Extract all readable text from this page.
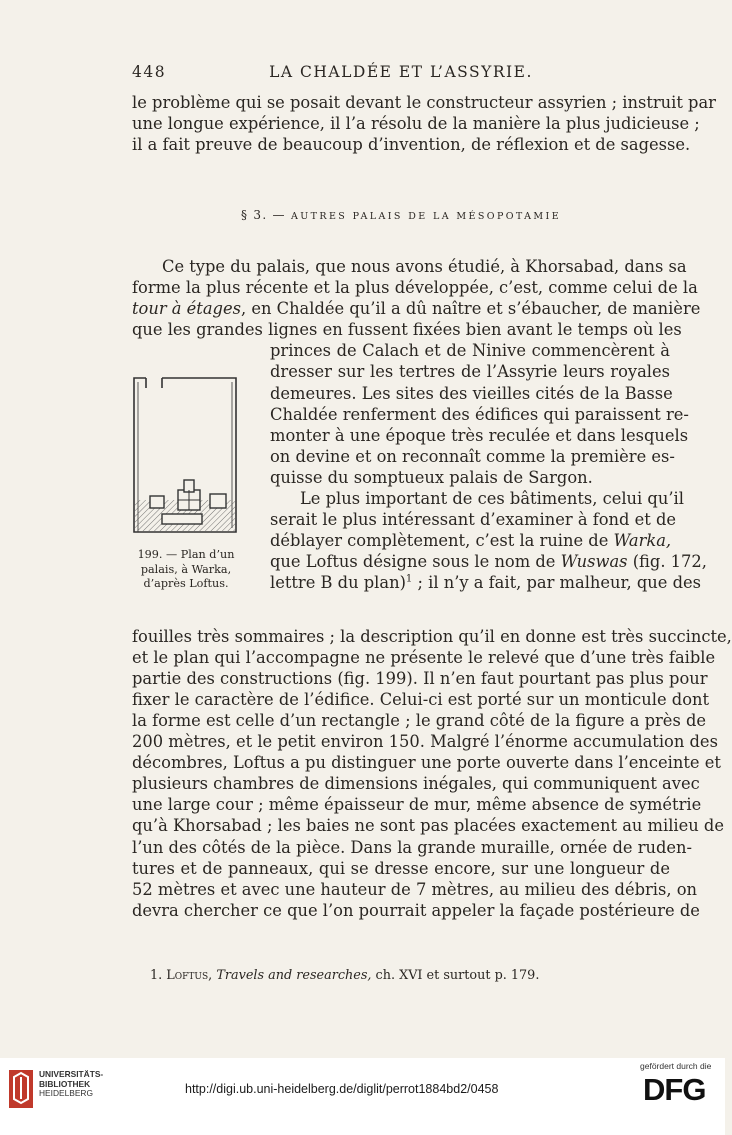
448	LA CHALDÉE ET L’ASSYRIE.
le problème qui se posait devant le constructeur assyrien ; instruit par
une longue expérience, il l’a résolu de la manière la plus judicieuse ;
il a fait preuve de beaucoup d’invention, de réflexion et de sagesse.
§ 3. — AUTRES PALAIS DE LA MÉSOPOTAMIE
Ce type du palais, que nous avons étudié, à Khorsabad, dans sa
forme la plus récente et la plus développée, c’est, comme celui de la
tour à étages, en Chaldée qu’il a dû naître et s’ébaucher, de manière
que les grandes lignes en fussent fixées bien avant le temps où les
princes de Calach et de Ninive commencèrent à
dresser sur les tertres de l’Assyrie leurs royales
demeures. Les sites des vieilles cités de la Basse
Chaldée renferment des édifices qui paraissent re-
monter à une époque très reculée et dans lesquels
on devine et on reconnaît comme la première es-
quisse du somptueux palais de Sargon.
Le plus important de ces bâtiments, celui qu’il
serait le plus intéressant d’examiner à fond et de
déblayer complètement, c’est la ruine de Warka,
que Loftus désigne sous le nom de Wuswas (fig. 172,
lettre B du plan)$^1$ ; il n’y a fait, par malheur, que des
fouilles très sommaires ; la description qu’il en donne est très succincte,
et le plan qui l’accompagne ne présente le relevé que d’une très faible
partie des constructions (fig. 199). Il n’en faut pourtant pas plus pour
fixer le caractère de l’édifice. Celui-ci est porté sur un monticule dont
la forme est celle d’un rectangle ; le grand côté de la figure a près de
200 mètres, et le petit environ 150. Malgré l’énorme accumulation des
décombres, Loftus a pu distinguer une porte ouverte dans l’enceinte et
plusieurs chambres de dimensions inégales, qui communiquent avec
une large cour ; même épaisseur de mur, même absence de symétrie
qu’à Khorsabad ; les baies ne sont pas placées exactement au milieu de
l’un des côtés de la pièce. Dans la grande muraille, ornée de ruden-
tures et de panneaux, qui se dresse encore, sur une longueur de
52 mètres et avec une hauteur de 7 mètres, au milieu des débris, on
devra chercher ce que l’on pourrait appeler la façade postérieure de
199. — Plan d’un
palais, à Warka,
d’après Loftus.
1. Loftus, Travels and researches, ch. XVI et surtout p. 179.
UNIVERSITÄTS-
BIBLIOTHEK
HEIDELBERG	http://digi.ub.uni-heidelberg.de/diglit/perrot1884bd2/0458
gefördert durch die
DFG
